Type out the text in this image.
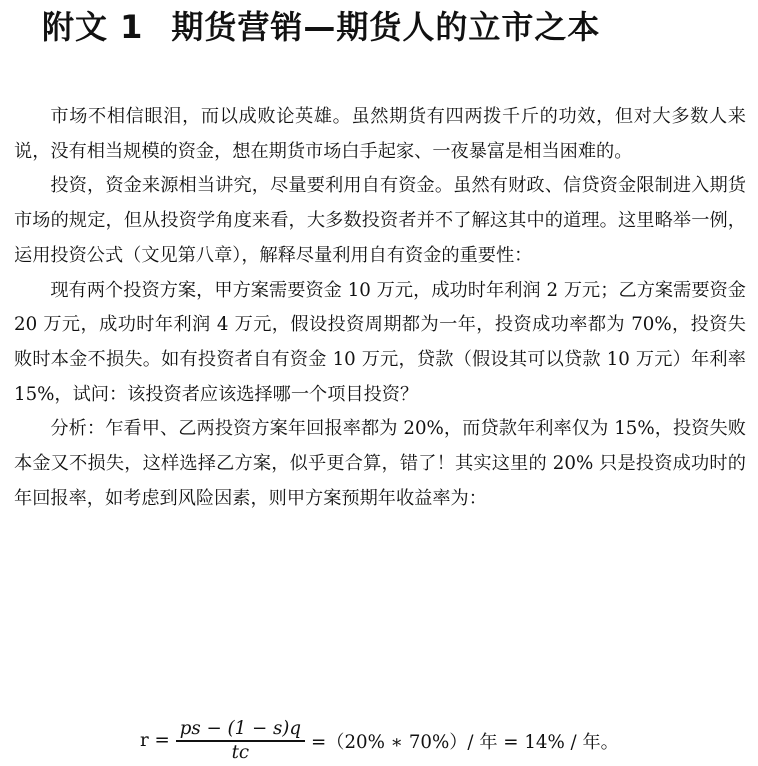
附文 1 期货营销—期货人的立市之本

市场不相信眼泪，而以成败论英雄。虽然期货有四两拨千斤的功效，但对大多数人来说，没有相当规模的资金，想在期货市场白手起家、一夜暴富是相当困难的。

投资，资金来源相当讲究，尽量要利用自有资金。虽然有财政、信贷资金限制进入期货市场的规定，但从投资学角度来看，大多数投资者并不了解这其中的道理。这里略举一例，运用投资公式（文见第八章），解释尽量利用自有资金的重要性：

现有两个投资方案，甲方案需要资金 10 万元，成功时年利润 2 万元；乙方案需要资金 20 万元，成功时年利润 4 万元，假设投资周期都为一年，投资成功率都为 70%，投资失败时本金不损失。如有投资者自有资金 10 万元，贷款（假设其可以贷款 10 万元）年利率 15%，试问：该投资者应该选择哪一个项目投资？

分析：乍看甲、乙两投资方案年回报率都为 20%，而贷款年利率仅为 15%，投资失败本金又不损失，这样选择乙方案，似乎更合算，错了！其实这里的 20% 只是投资成功时的年回报率，如考虑到风险因素，则甲方案预期年收益率为：

$r = \frac{ps - (1 - s)q}{tc} =(20\%$ ∗ 70%）/ 年 = 14% / 年。
